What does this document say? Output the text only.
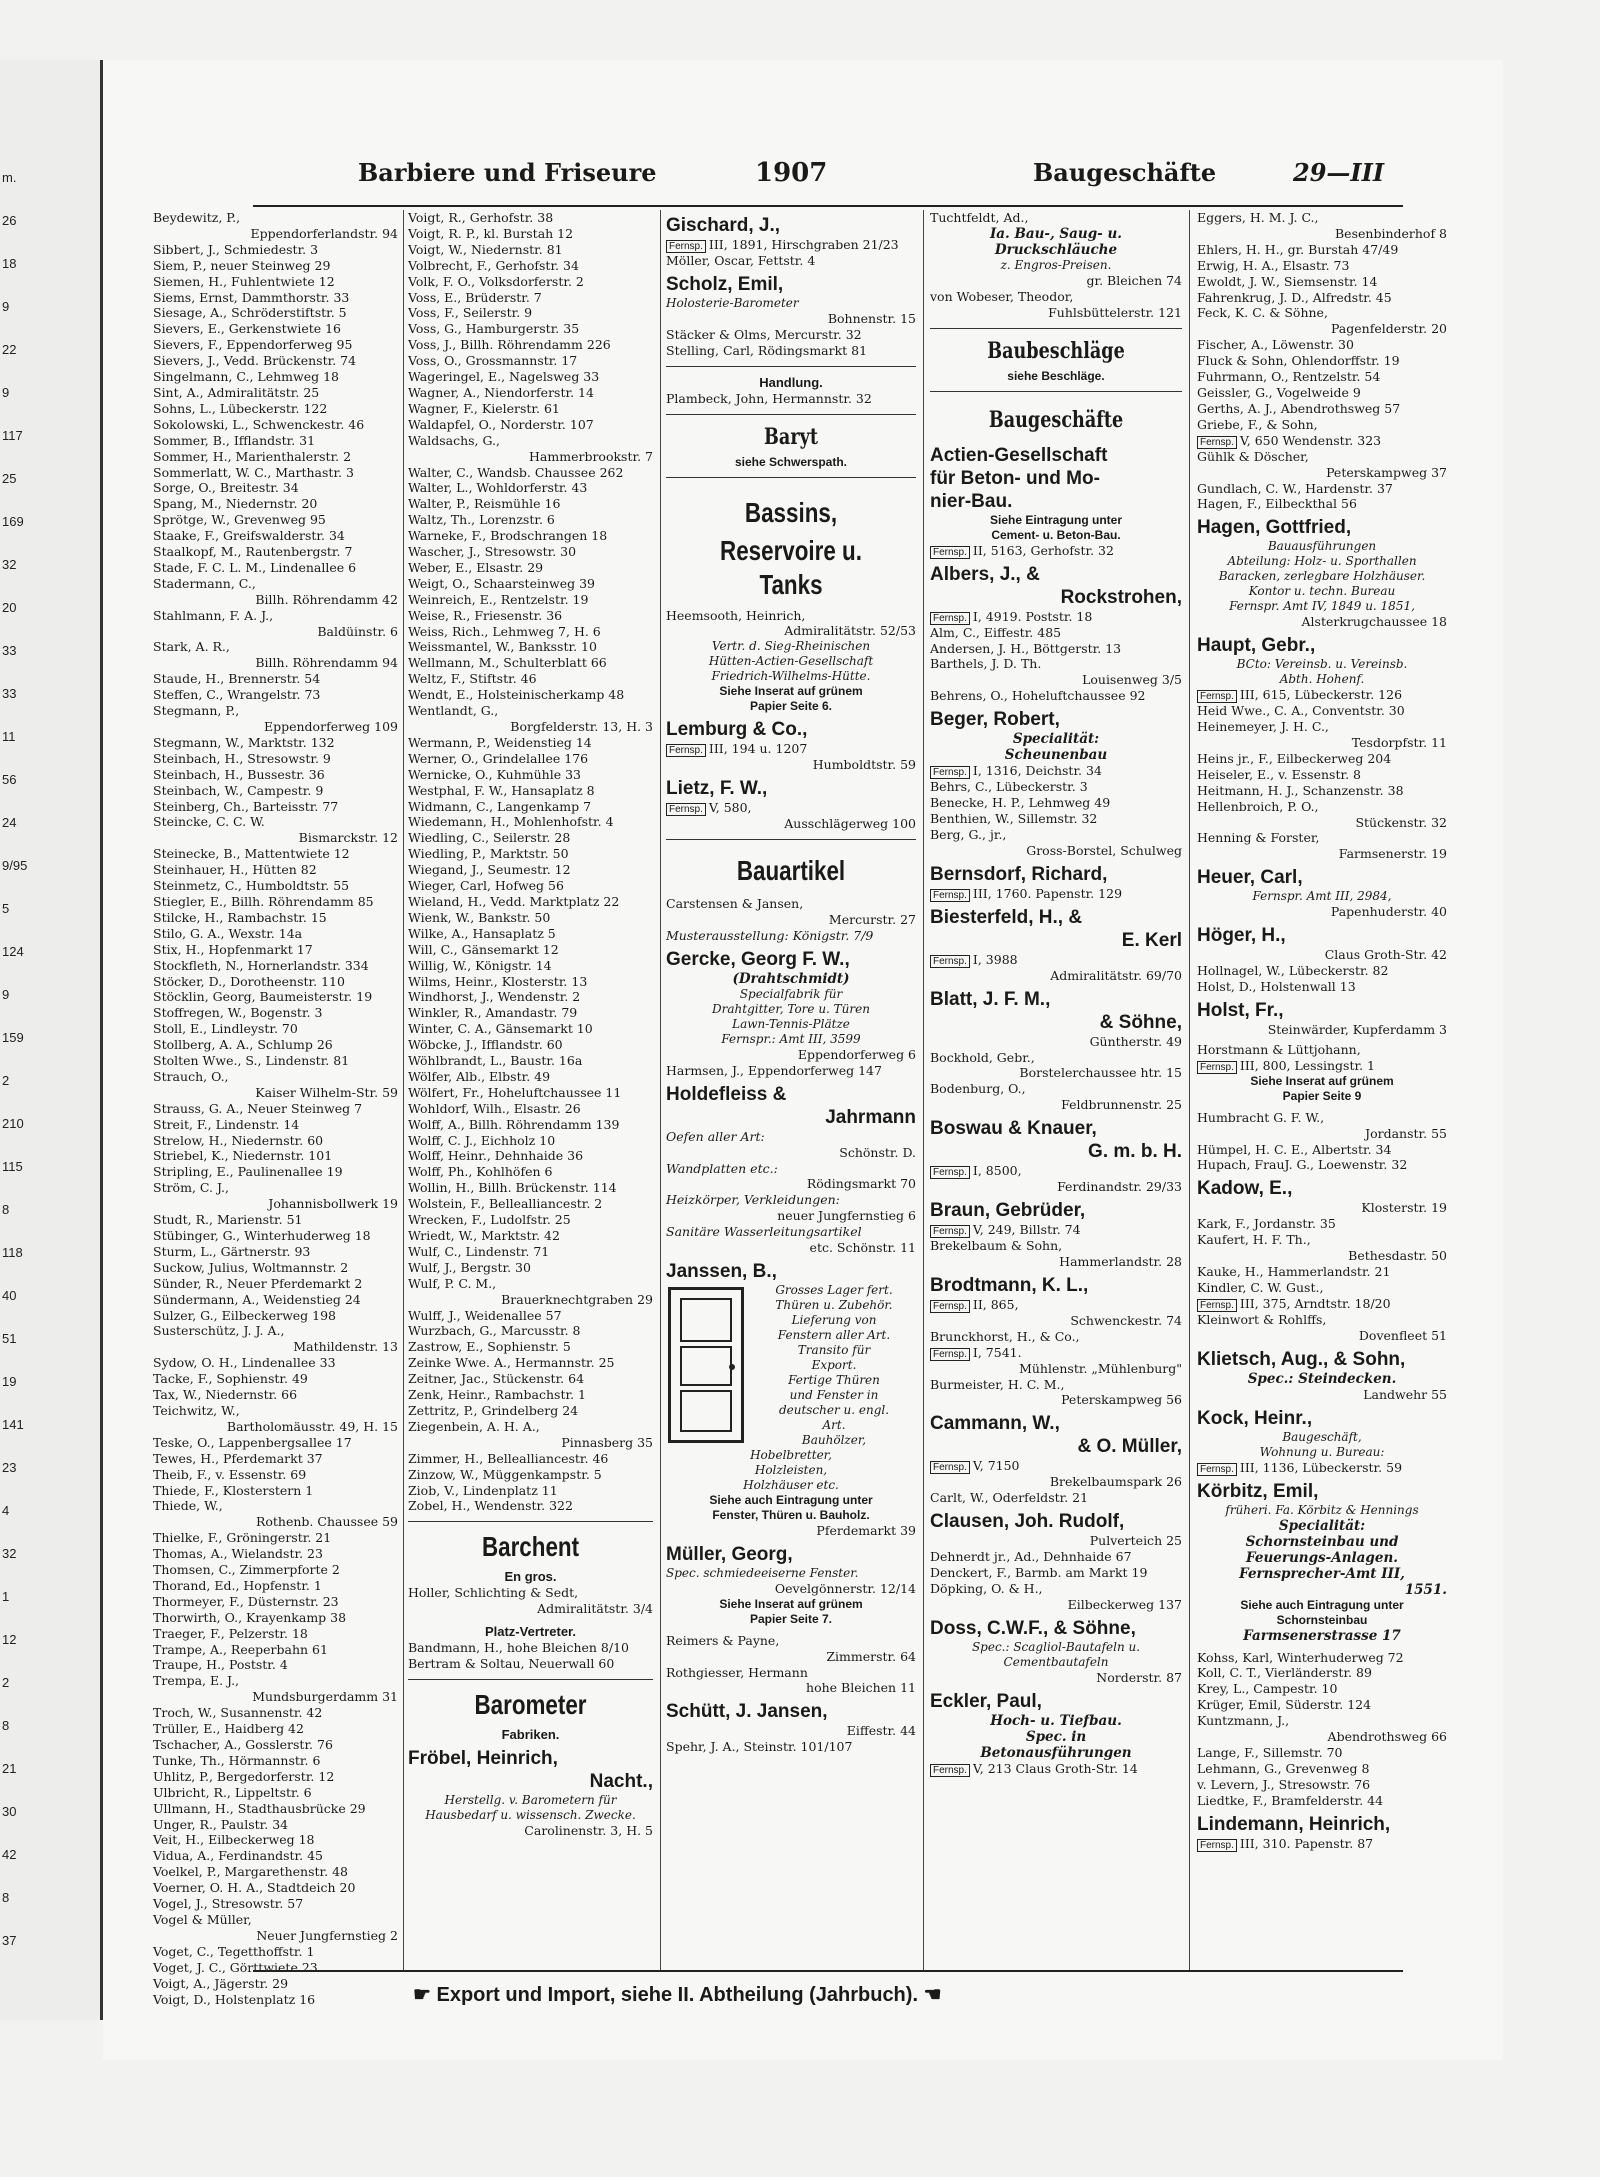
m.
26
18
9
22
9
117
25
169
32
20
33
33
11
56
24
9/95
5
124
9
159
2
210
115
8
118
40
51
19
141
23
4
32
1
12
2
8
21
30
42
8
37
Barbiere und Friseure	1907	Baugeschäfte	29—III
Beydewitz, P.,
Eppendorferlandstr. 94
Sibbert, J., Schmiedestr. 3
Siem, P., neuer Steinweg 29
Siemen, H., Fuhlentwiete 12
Siems, Ernst, Dammthorstr. 33
Siesage, A., Schröderstiftstr. 5
Sievers, E., Gerkenstwiete 16
Sievers, F., Eppendorferweg 95
Sievers, J., Vedd. Brückenstr. 74
Singelmann, C., Lehmweg 18
Sint, A., Admiralitätstr. 25
Sohns, L., Lübeckerstr. 122
Sokolowski, L., Schwenckestr. 46
Sommer, B., Ifflandstr. 31
Sommer, H., Marienthalerstr. 2
Sommerlatt, W. C., Marthastr. 3
Sorge, O., Breitestr. 34
Spang, M., Niedernstr. 20
Sprötge, W., Grevenweg 95
Staake, F., Greifswalderstr. 34
Staalkopf, M., Rautenbergstr. 7
Stade, F. C. L. M., Lindenallee 6
Stadermann, C.,
Billh. Röhrendamm 42
Stahlmann, F. A. J.,
Baldüinstr. 6
Stark, A. R.,
Billh. Röhrendamm 94
Staude, H., Brennerstr. 54
Steffen, C., Wrangelstr. 73
Stegmann, P.,
Eppendorferweg 109
Stegmann, W., Marktstr. 132
Steinbach, H., Stresowstr. 9
Steinbach, H., Bussestr. 36
Steinbach, W., Campestr. 9
Steinberg, Ch., Barteisstr. 77
Steincke, C. C. W.
Bismarckstr. 12
Steinecke, B., Mattentwiete 12
Steinhauer, H., Hütten 82
Steinmetz, C., Humboldtstr. 55
Stiegler, E., Billh. Röhrendamm 85
Stilcke, H., Rambachstr. 15
Stilo, G. A., Wexstr. 14a
Stix, H., Hopfenmarkt 17
Stockfleth, N., Hornerlandstr. 334
Stöcker, D., Dorotheenstr. 110
Stöcklin, Georg, Baumeisterstr. 19
Stoffregen, W., Bogenstr. 3
Stoll, E., Lindleystr. 70
Stollberg, A. A., Schlump 26
Stolten Wwe., S., Lindenstr. 81
Strauch, O.,
Kaiser Wilhelm-Str. 59
Strauss, G. A., Neuer Steinweg 7
Streit, F., Lindenstr. 14
Strelow, H., Niedernstr. 60
Striebel, K., Niedernstr. 101
Stripling, E., Paulinenallee 19
Ström, C. J.,
Johannisbollwerk 19
Studt, R., Marienstr. 51
Stübinger, G., Winterhuderweg 18
Sturm, L., Gärtnerstr. 93
Suckow, Julius, Woltmannstr. 2
Sünder, R., Neuer Pferdemarkt 2
Sündermann, A., Weidenstieg 24
Sulzer, G., Eilbeckerweg 198
Susterschütz, J. J. A.,
Mathildenstr. 13
Sydow, O. H., Lindenallee 33
Tacke, F., Sophienstr. 49
Tax, W., Niedernstr. 66
Teichwitz, W.,
Bartholomäusstr. 49, H. 15
Teske, O., Lappenbergsallee 17
Tewes, H., Pferdemarkt 37
Theib, F., v. Essenstr. 69
Thiede, F., Klosterstern 1
Thiede, W.,
Rothenb. Chaussee 59
Thielke, F., Gröningerstr. 21
Thomas, A., Wielandstr. 23
Thomsen, C., Zimmerpforte 2
Thorand, Ed., Hopfenstr. 1
Thormeyer, F., Düsternstr. 23
Thorwirth, O., Krayenkamp 38
Traeger, F., Pelzerstr. 18
Trampe, A., Reeperbahn 61
Traupe, H., Poststr. 4
Trempa, E. J.,
Mundsburgerdamm 31
Troch, W., Susannenstr. 42
Trüller, E., Haidberg 42
Tschacher, A., Gosslerstr. 76
Tunke, Th., Hörmannstr. 6
Uhlitz, P., Bergedorferstr. 12
Ulbricht, R., Lippeltstr. 6
Ullmann, H., Stadthausbrücke 29
Unger, R., Paulstr. 34
Veit, H., Eilbeckerweg 18
Vidua, A., Ferdinandstr. 45
Voelkel, P., Margarethenstr. 48
Voerner, O. H. A., Stadtdeich 20
Vogel, J., Stresowstr. 57
Vogel & Müller,
Neuer Jungfernstieg 2
Voget, C., Tegetthoffstr. 1
Voget, J. C., Görttwiete 23
Voigt, A., Jägerstr. 29
Voigt, D., Holstenplatz 16
Voigt, R., Gerhofstr. 38
Voigt, R. P., kl. Burstah 12
Voigt, W., Niedernstr. 81
Volbrecht, F., Gerhofstr. 34
Volk, F. O., Volksdorferstr. 2
Voss, E., Brüderstr. 7
Voss, F., Seilerstr. 9
Voss, G., Hamburgerstr. 35
Voss, J., Billh. Röhrendamm 226
Voss, O., Grossmannstr. 17
Wageringel, E., Nagelsweg 33
Wagner, A., Niendorferstr. 14
Wagner, F., Kielerstr. 61
Waldapfel, O., Norderstr. 107
Waldsachs, G.,
Hammerbrookstr. 7
Walter, C., Wandsb. Chaussee 262
Walter, L., Wohldorferstr. 43
Walter, P., Reismühle 16
Waltz, Th., Lorenzstr. 6
Warneke, F., Brodschrangen 18
Wascher, J., Stresowstr. 30
Weber, E., Elsastr. 29
Weigt, O., Schaarsteinweg 39
Weinreich, E., Rentzelstr. 19
Weise, R., Friesenstr. 36
Weiss, Rich., Lehmweg 7, H. 6
Weissmantel, W., Banksstr. 10
Wellmann, M., Schulterblatt 66
Weltz, F., Stiftstr. 46
Wendt, E., Holsteinischerkamp 48
Wentlandt, G.,
Borgfelderstr. 13, H. 3
Wermann, P., Weidenstieg 14
Werner, O., Grindelallee 176
Wernicke, O., Kuhmühle 33
Westphal, F. W., Hansaplatz 8
Widmann, C., Langenkamp 7
Wiedemann, H., Mohlenhofstr. 4
Wiedling, C., Seilerstr. 28
Wiedling, P., Marktstr. 50
Wiegand, J., Seumestr. 12
Wieger, Carl, Hofweg 56
Wieland, H., Vedd. Marktplatz 22
Wienk, W., Bankstr. 50
Wilke, A., Hansaplatz 5
Will, C., Gänsemarkt 12
Willig, W., Königstr. 14
Wilms, Heinr., Klosterstr. 13
Windhorst, J., Wendenstr. 2
Winkler, R., Amandastr. 79
Winter, C. A., Gänsemarkt 10
Wöbcke, J., Ifflandstr. 60
Wöhlbrandt, L., Baustr. 16a
Wölfer, Alb., Elbstr. 49
Wölfert, Fr., Hoheluftchaussee 11
Wohldorf, Wilh., Elsastr. 26
Wolff, A., Billh. Röhrendamm 139
Wolff, C. J., Eichholz 10
Wolff, Heinr., Dehnhaide 36
Wolff, Ph., Kohlhöfen 6
Wollin, H., Billh. Brückenstr. 114
Wolstein, F., Bellealliancestr. 2
Wrecken, F., Ludolfstr. 25
Wriedt, W., Marktstr. 42
Wulf, C., Lindenstr. 71
Wulf, J., Bergstr. 30
Wulf, P. C. M.,
Brauerknechtgraben 29
Wulff, J., Weidenallee 57
Wurzbach, G., Marcusstr. 8
Zastrow, E., Sophienstr. 5
Zeinke Wwe. A., Hermannstr. 25
Zeitner, Jac., Stückenstr. 64
Zenk, Heinr., Rambachstr. 1
Zettritz, P., Grindelberg 24
Ziegenbein, A. H. A.,
Pinnasberg 35
Zimmer, H., Bellealliancestr. 46
Zinzow, W., Müggenkampstr. 5
Ziob, V., Lindenplatz 11
Zobel, H., Wendenstr. 322
Barchent
En gros.
Holler, Schlichting & Sedt,
Admiralitätstr. 3/4
Platz-Vertreter.
Bandmann, H., hohe Bleichen 8/10
Bertram & Soltau, Neuerwall 60
Barometer
Fabriken.
Fröbel, Heinrich,
Nacht.,
Herstellg. v. Barometern für
Hausbedarf u. wissensch. Zwecke.
Carolinenstr. 3, H. 5
Gischard, J.,
Fernsp. III, 1891, Hirschgraben 21/23
Möller, Oscar, Fettstr. 4
Scholz, Emil,
Holosterie-Barometer
Bohnenstr. 15
Stäcker & Olms, Mercurstr. 32
Stelling, Carl, Rödingsmarkt 81
Handlung.
Plambeck, John, Hermannstr. 32
Baryt
siehe Schwerspath.
Bassins,
Reservoire u. Tanks
Heemsooth, Heinrich,
Admiralitätstr. 52/53
Vertr. d. Sieg-Rheinischen
Hütten-Actien-Gesellschaft
Friedrich-Wilhelms-Hütte.
Siehe Inserat auf grünem
Papier Seite 6.
Lemburg & Co.,
Fernsp. III, 194 u. 1207
Humboldtstr. 59
Lietz, F. W.,
Fernsp. V, 580,
Ausschlägerweg 100
Bauartikel
Carstensen & Jansen,
Mercurstr. 27
Musterausstellung: Königstr. 7/9
Gercke, Georg F. W.,
(Drahtschmidt)
Specialfabrik für
Drahtgitter, Tore u. Türen
Lawn-Tennis-Plätze
Fernspr.: Amt III, 3599
Eppendorferweg 6
Harmsen, J., Eppendorferweg 147
Holdefleiss &
Jahrmann
Oefen aller Art:
Schönstr. D.
Wandplatten etc.:
Rödingsmarkt 70
Heizkörper, Verkleidungen:
neuer Jungfernstieg 6
Sanitäre Wasserleitungsartikel
etc. Schönstr. 11
Janssen, B.,
Grosses Lager fert.
Thüren u. Zubehör.
Lieferung von
Fenstern aller Art.
Transito für
Export.
Fertige Thüren
und Fenster in
deutscher u. engl.
Art.
Bauhölzer,
Hobelbretter,
Holzleisten,
Holzhäuser etc.
Siehe auch Eintragung unter
Fenster, Thüren u. Bauholz.
Pferdemarkt 39
Müller, Georg,
Spec. schmiedeeiserne Fenster.
Oevelgönnerstr. 12/14
Siehe Inserat auf grünem
Papier Seite 7.
Reimers & Payne,
Zimmerstr. 64
Rothgiesser, Hermann
hohe Bleichen 11
Schütt, J. Jansen,
Eiffestr. 44
Spehr, J. A., Steinstr. 101/107
Tuchtfeldt, Ad.,
Ia. Bau-, Saug- u.
Druckschläuche
z. Engros-Preisen.
gr. Bleichen 74
von Wobeser, Theodor,
Fuhlsbüttelerstr. 121
Baubeschläge
siehe Beschläge.
Baugeschäfte
Actien-Gesellschaft
für Beton- und Mo-
nier-Bau.
Siehe Eintragung unter
Cement- u. Beton-Bau.
Fernsp. II, 5163, Gerhofstr. 32
Albers, J., &
Rockstrohen,
Fernsp. I, 4919. Poststr. 18
Alm, C., Eiffestr. 485
Andersen, J. H., Böttgerstr. 13
Barthels, J. D. Th.
Louisenweg 3/5
Behrens, O., Hoheluftchaussee 92
Beger, Robert,
Specialität:
Scheunenbau
Fernsp. I, 1316, Deichstr. 34
Behrs, C., Lübeckerstr. 3
Benecke, H. P., Lehmweg 49
Benthien, W., Sillemstr. 32
Berg, G., jr.,
Gross-Borstel, Schulweg
Bernsdorf, Richard,
Fernsp. III, 1760. Papenstr. 129
Biesterfeld, H., &
E. Kerl
Fernsp. I, 3988
Admiralitätstr. 69/70
Blatt, J. F. M.,
& Söhne,
Güntherstr. 49
Bockhold, Gebr.,
Borstelerchaussee htr. 15
Bodenburg, O.,
Feldbrunnenstr. 25
Boswau & Knauer,
G. m. b. H.
Fernsp. I, 8500,
Ferdinandstr. 29/33
Braun, Gebrüder,
Fernsp. V, 249, Billstr. 74
Brekelbaum & Sohn,
Hammerlandstr. 28
Brodtmann, K. L.,
Fernsp. II, 865,
Schwenckestr. 74
Brunckhorst, H., & Co.,
Fernsp. I, 7541.
Mühlenstr. „Mühlenburg"
Burmeister, H. C. M.,
Peterskampweg 56
Cammann, W.,
& O. Müller,
Fernsp. V, 7150
Brekelbaumspark 26
Carlt, W., Oderfeldstr. 21
Clausen, Joh. Rudolf,
Pulverteich 25
Dehnerdt jr., Ad., Dehnhaide 67
Denckert, F., Barmb. am Markt 19
Döpking, O. & H.,
Eilbeckerweg 137
Doss, C.W.F., & Söhne,
Spec.: Scagliol-Bautafeln u.
Cementbautafeln
Norderstr. 87
Eckler, Paul,
Hoch- u. Tiefbau.
Spec. in
Betonausführungen
Fernsp. V, 213 Claus Groth-Str. 14
Eggers, H. M. J. C.,
Besenbinderhof 8
Ehlers, H. H., gr. Burstah 47/49
Erwig, H. A., Elsastr. 73
Ewoldt, J. W., Siemsenstr. 14
Fahrenkrug, J. D., Alfredstr. 45
Feck, K. C. & Söhne,
Pagenfelderstr. 20
Fischer, A., Löwenstr. 30
Fluck & Sohn, Ohlendorffstr. 19
Fuhrmann, O., Rentzelstr. 54
Geissler, G., Vogelweide 9
Gerths, A. J., Abendrothsweg 57
Griebe, F., & Sohn,
Fernsp. V, 650 Wendenstr. 323
Gühlk & Döscher,
Peterskampweg 37
Gundlach, C. W., Hardenstr. 37
Hagen, F., Eilbeckthal 56
Hagen, Gottfried,
Bauausführungen
Abteilung: Holz- u. Sporthallen
Baracken, zerlegbare Holzhäuser.
Kontor u. techn. Bureau
Fernspr. Amt IV, 1849 u. 1851,
Alsterkrugchaussee 18
Haupt, Gebr.,
BCto: Vereinsb. u. Vereinsb.
Abth. Hohenf.
Fernsp. III, 615, Lübeckerstr. 126
Heid Wwe., C. A., Conventstr. 30
Heinemeyer, J. H. C.,
Tesdorpfstr. 11
Heins jr., F., Eilbeckerweg 204
Heiseler, E., v. Essenstr. 8
Heitmann, H. J., Schanzenstr. 38
Hellenbroich, P. O.,
Stückenstr. 32
Henning & Forster,
Farmsenerstr. 19
Heuer, Carl,
Fernspr. Amt III, 2984,
Papenhuderstr. 40
Höger, H.,
Claus Groth-Str. 42
Hollnagel, W., Lübeckerstr. 82
Holst, D., Holstenwall 13
Holst, Fr.,
Steinwärder, Kupferdamm 3
Horstmann & Lüttjohann,
Fernsp. III, 800, Lessingstr. 1
Siehe Inserat auf grünem
Papier Seite 9
Humbracht G. F. W.,
Jordanstr. 55
Hümpel, H. C. E., Albertstr. 34
Hupach, FrauJ. G., Loewenstr. 32
Kadow, E.,
Klosterstr. 19
Kark, F., Jordanstr. 35
Kaufert, H. F. Th.,
Bethesdastr. 50
Kauke, H., Hammerlandstr. 21
Kindler, C. W. Gust.,
Fernsp. III, 375, Arndtstr. 18/20
Kleinwort & Rohlffs,
Dovenfleet 51
Klietsch, Aug., & Sohn,
Spec.: Steindecken.
Landwehr 55
Kock, Heinr.,
Baugeschäft,
Wohnung u. Bureau:
Fernsp. III, 1136, Lübeckerstr. 59
Körbitz, Emil,
früheri. Fa. Körbitz & Hennings
Specialität:
Schornsteinbau und
Feuerungs-Anlagen.
Fernsprecher-Amt III,
1551.
Siehe auch Eintragung unter
Schornsteinbau
Farmsenerstrasse 17
Kohss, Karl, Winterhuderweg 72
Koll, C. T., Vierländerstr. 89
Krey, L., Campestr. 10
Krüger, Emil, Süderstr. 124
Kuntzmann, J.,
Abendrothsweg 66
Lange, F., Sillemstr. 70
Lehmann, G., Grevenweg 8
v. Levern, J., Stresowstr. 76
Liedtke, F., Bramfelderstr. 44
Lindemann, Heinrich,
Fernsp. III, 310. Papenstr. 87
☛ Export und Import, siehe II. Abtheilung (Jahrbuch). ☚
